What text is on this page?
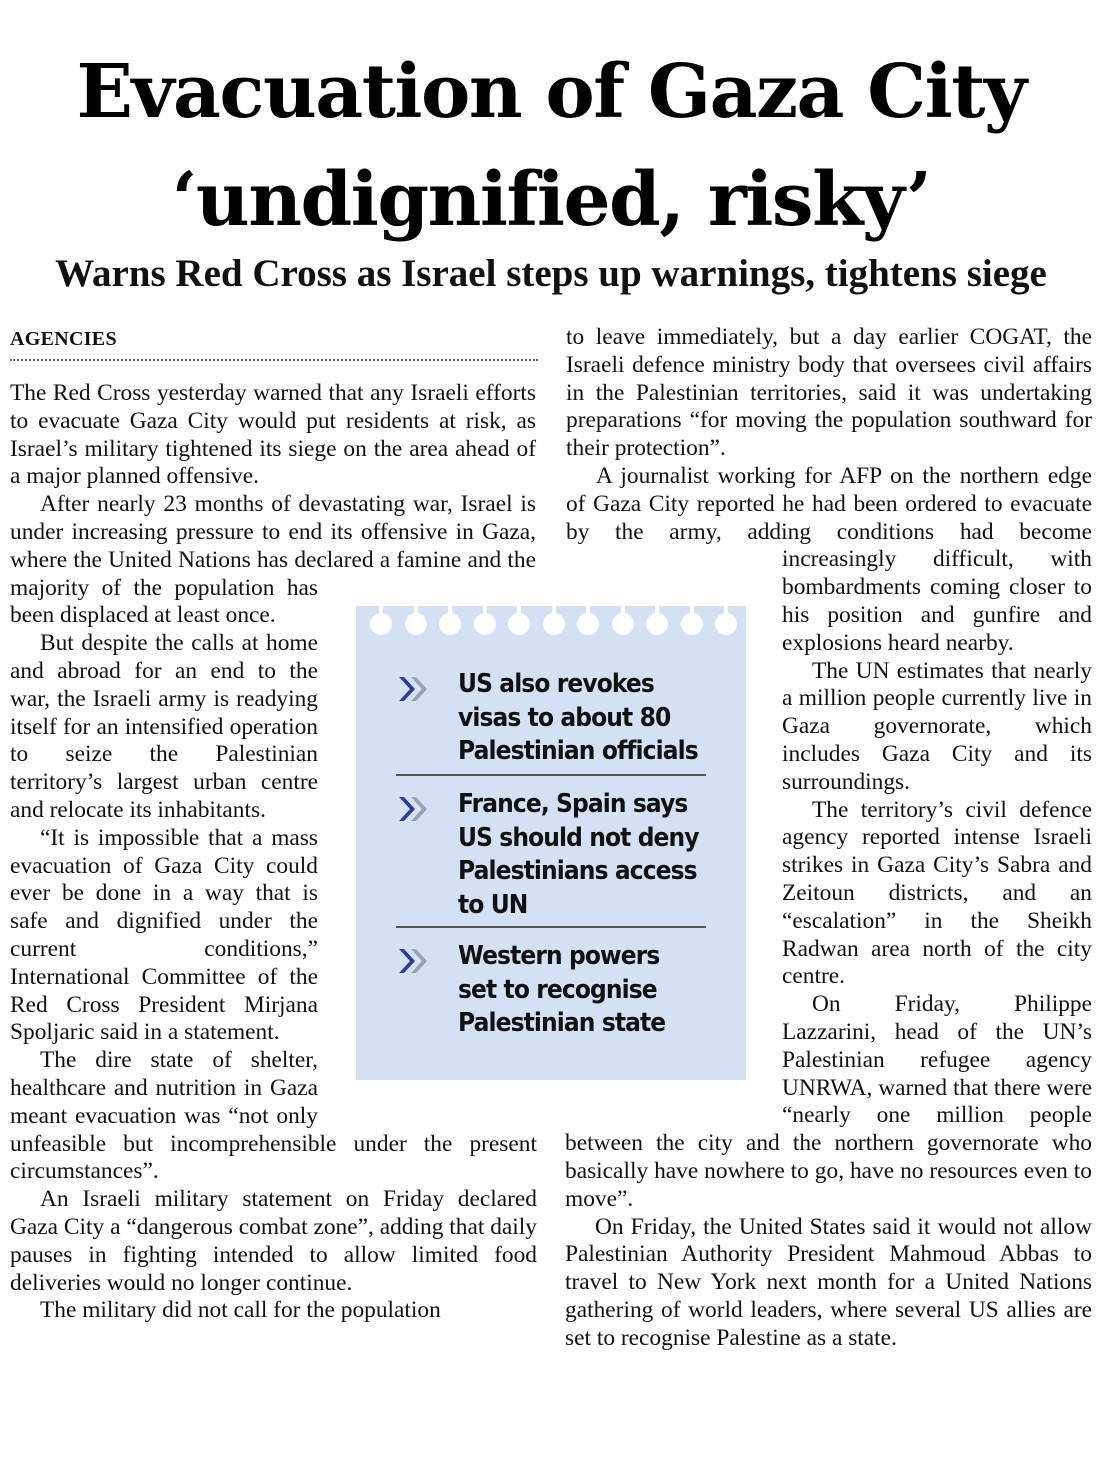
Evacuation of Gaza City
‘undignified, risky’
Warns Red Cross as Israel steps up warnings, tightens siege
AGENCIES

The Red Cross yesterday warned that any Israeli efforts to evacuate Gaza City would put residents at risk, as Israel’s military tightened its siege on the area ahead of a major planned offensive.

After nearly 23 months of devastating war, Israel is under increasing pressure to end its offensive in Gaza, where the United Nations has declared a famine and the majority of the population has been displaced at least once.

But despite the calls at home and abroad for an end to the war, the Israeli army is readying itself for an intensified operation to seize the Palestinian territory’s largest urban centre and relocate its inhabitants.

“It is impossible that a mass evacuation of Gaza City could ever be done in a way that is safe and dignified under the current conditions,” International Committee of the Red Cross President Mirjana Spoljaric said in a statement.

The dire state of shelter, healthcare and nutrition in Gaza meant evacuation was “not only unfeasible but incomprehensible under the present circumstances”.

An Israeli military statement on Friday declared Gaza City a “dangerous combat zone”, adding that daily pauses in fighting intended to allow limited food deliveries would no longer continue.

The military did not call for the population

to leave immediately, but a day earlier COGAT, the Israeli defence ministry body that oversees civil affairs in the Palestinian territories, said it was undertaking preparations “for moving the population southward for their protection”.

A journalist working for AFP on the northern edge of Gaza City reported he had been ordered to evacuate by the army, adding conditions had become increasingly difficult, with bombardments coming closer to his position and gunfire and explosions heard nearby.

The UN estimates that nearly a million people currently live in Gaza governorate, which includes Gaza City and its surroundings.

The territory’s civil defence agency reported intense Israeli strikes in Gaza City’s Sabra and Zeitoun districts, and an “escalation” in the Sheikh Radwan area north of the city centre.

On Friday, Philippe Lazzarini, head of the UN’s Palestinian refugee agency UNRWA, warned that there were “nearly one million people between the city and the northern governorate who basically have nowhere to go, have no resources even to move”.

On Friday, the United States said it would not allow Palestinian Authority President Mahmoud Abbas to travel to New York next month for a United Nations gathering of world leaders, where several US allies are set to recognise Palestine as a state.

US also revokes
visas to about 80
Palestinian officials
France, Spain says
US should not deny
Palestinians access
to UN
Western powers
set to recognise
Palestinian state
